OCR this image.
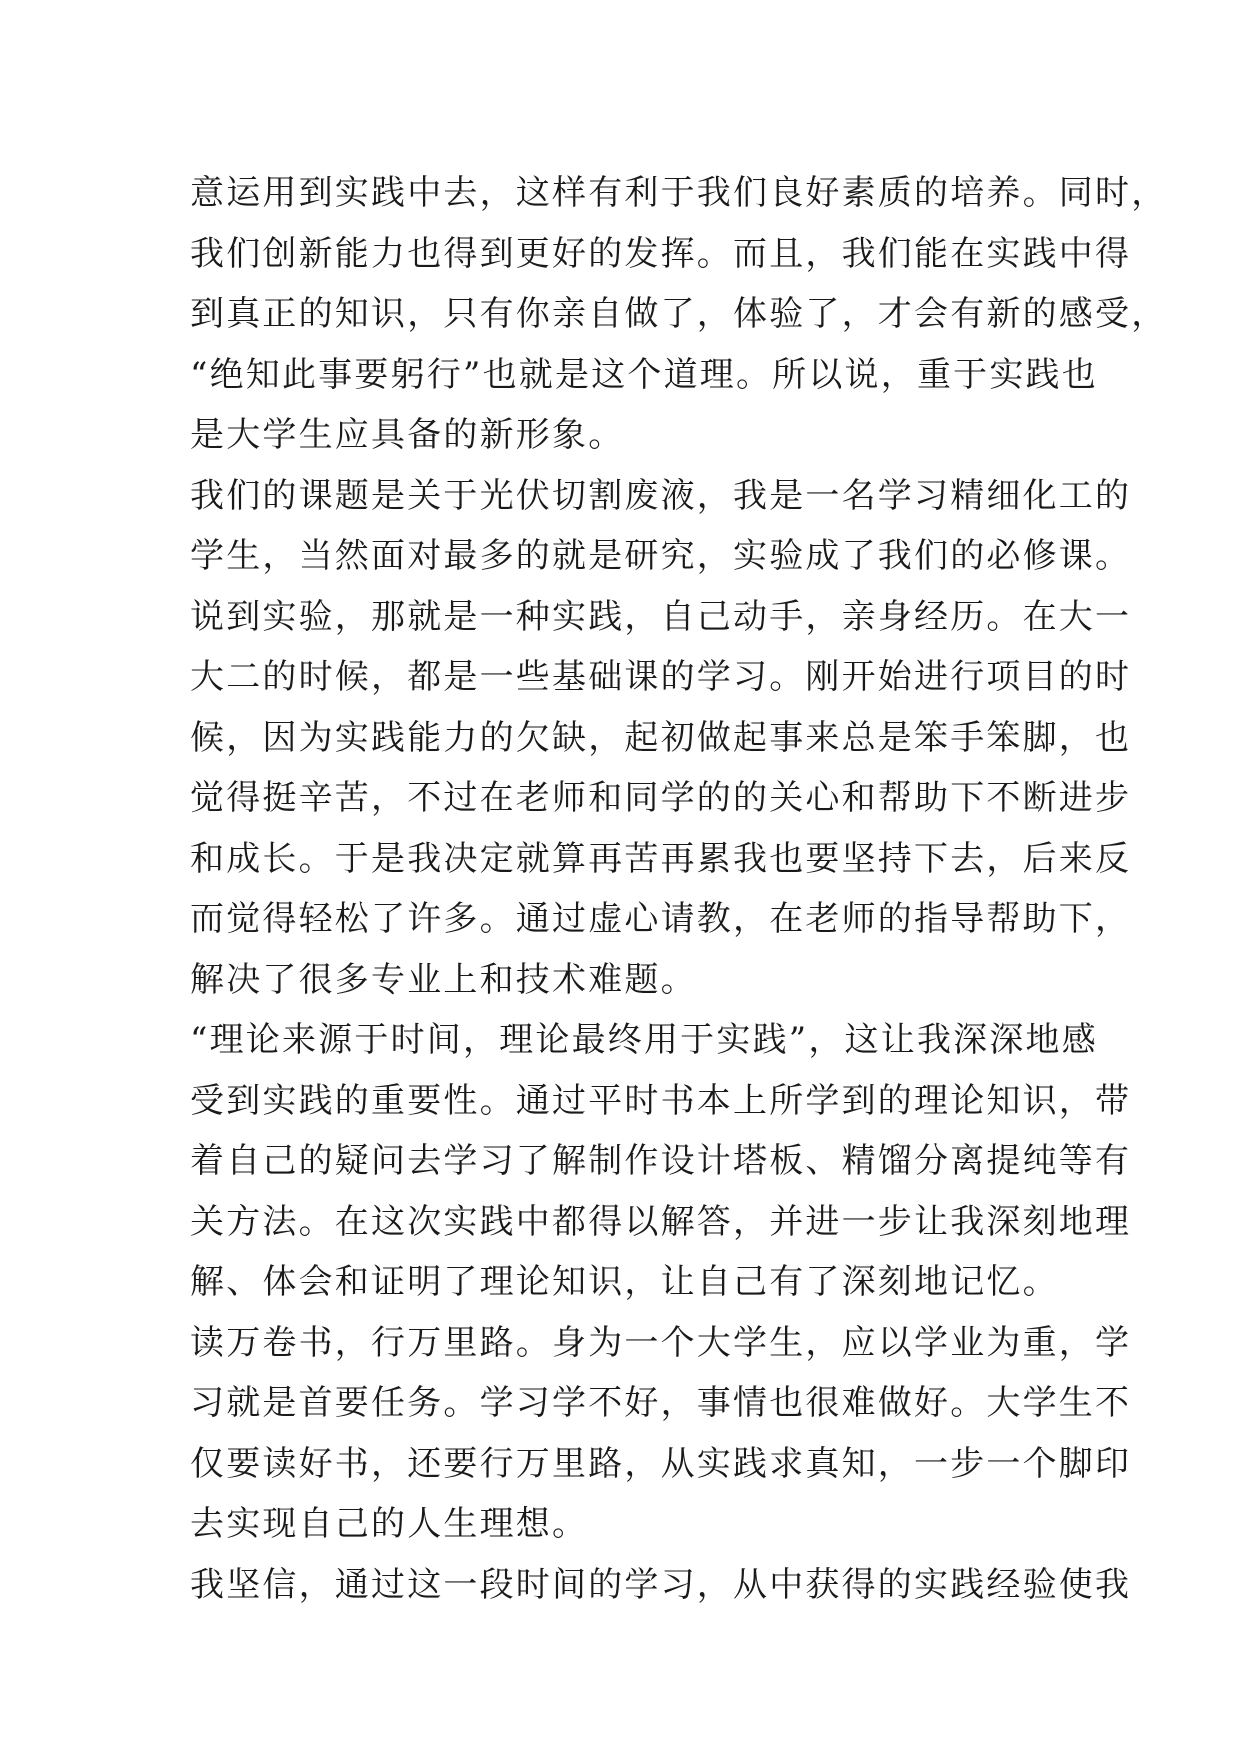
意运用到实践中去，这样有利于我们良好素质的培养。同时，
我们创新能力也得到更好的发挥。而且，我们能在实践中得
到真正的知识，只有你亲自做了，体验了，才会有新的感受，
“绝知此事要躬行”也就是这个道理。所以说，重于实践也
是大学生应具备的新形象。
我们的课题是关于光伏切割废液，我是一名学习精细化工的
学生，当然面对最多的就是研究，实验成了我们的必修课。
说到实验，那就是一种实践，自己动手，亲身经历。在大一
大二的时候，都是一些基础课的学习。刚开始进行项目的时
候，因为实践能力的欠缺，起初做起事来总是笨手笨脚，也
觉得挺辛苦，不过在老师和同学的的关心和帮助下不断进步
和成长。于是我决定就算再苦再累我也要坚持下去，后来反
而觉得轻松了许多。通过虚心请教，在老师的指导帮助下，
解决了很多专业上和技术难题。
“理论来源于时间，理论最终用于实践”，这让我深深地感
受到实践的重要性。通过平时书本上所学到的理论知识，带
着自己的疑问去学习了解制作设计塔板、精馏分离提纯等有
关方法。在这次实践中都得以解答，并进一步让我深刻地理
解、体会和证明了理论知识，让自己有了深刻地记忆。
读万卷书，行万里路。身为一个大学生，应以学业为重，学
习就是首要任务。学习学不好，事情也很难做好。大学生不
仅要读好书，还要行万里路，从实践求真知，一步一个脚印
去实现自己的人生理想。
我坚信，通过这一段时间的学习，从中获得的实践经验使我
